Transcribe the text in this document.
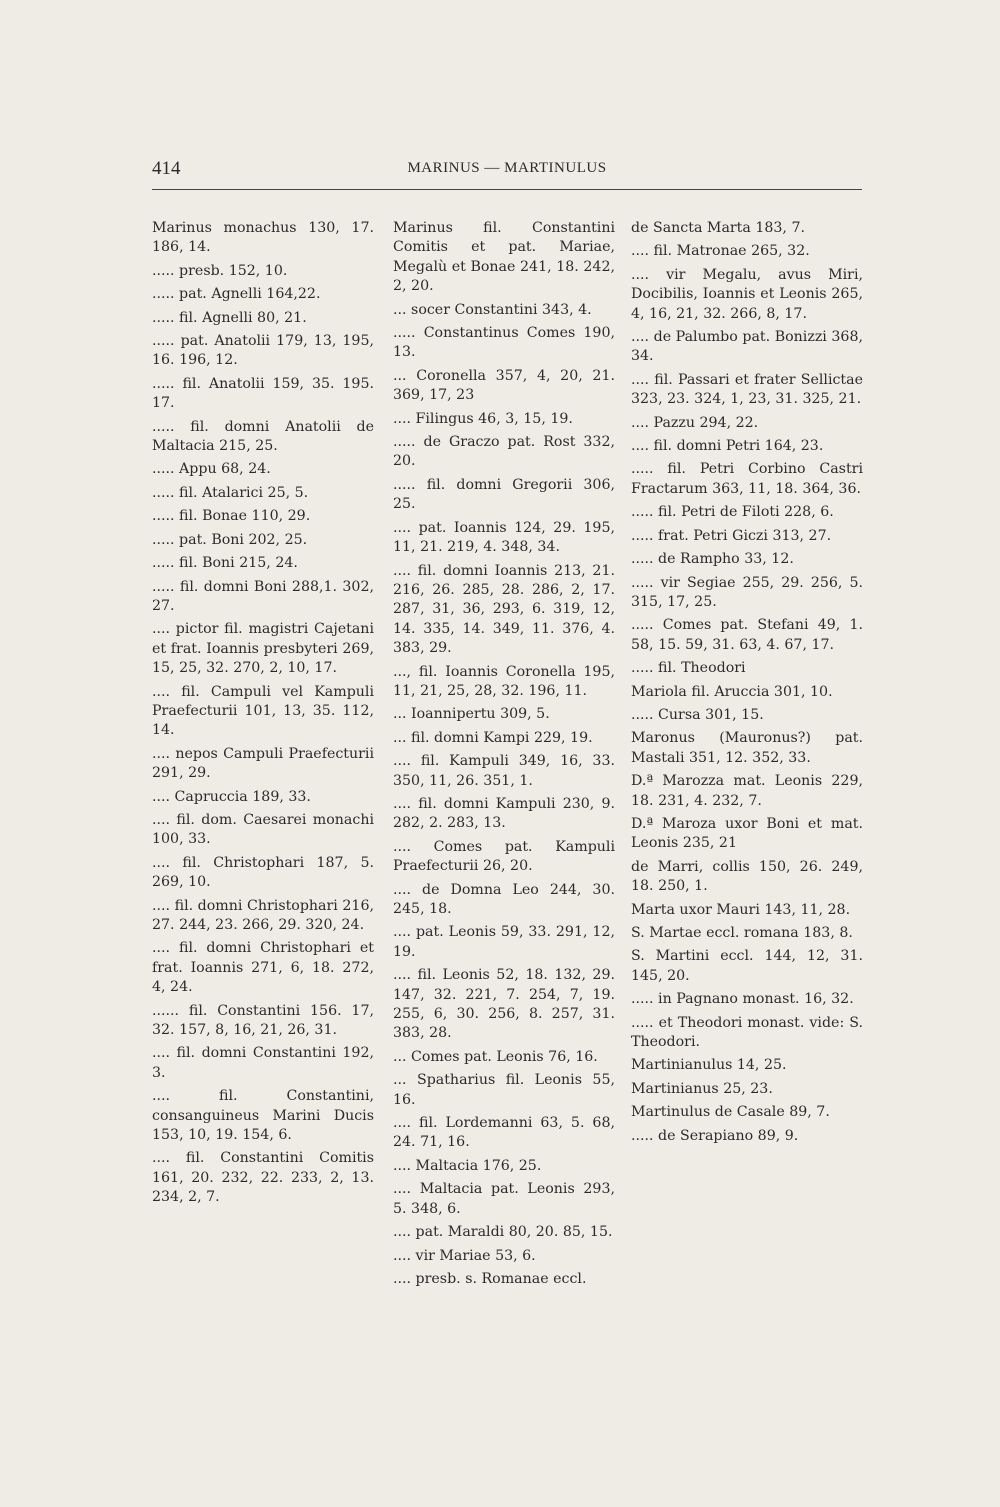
414	MARINUS — MARTINULUS

Marinus monachus 130, 17. 186, 14.

..... presb. 152, 10.

..... pat. Agnelli 164,22.

..... fil. Agnelli 80, 21.

..... pat. Anatolii 179, 13, 195, 16. 196, 12.

..... fil. Anatolii 159, 35. 195. 17.

..... fil. domni Anatolii de Maltacia 215, 25.

..... Appu 68, 24.

..... fil. Atalarici 25, 5.

..... fil. Bonae 110, 29.

..... pat. Boni 202, 25.

..... fil. Boni 215, 24.

..... fil. domni Boni 288,1. 302, 27.

.... pictor fil. magistri Cajetani et frat. Ioannis presbyteri 269, 15, 25, 32. 270, 2, 10, 17.

.... fil. Campuli vel Kampuli Praefecturii 101, 13, 35. 112, 14.

.... nepos Campuli Praefecturii 291, 29.

.... Capruccia 189, 33.

.... fil. dom. Caesarei monachi 100, 33.

.... fil. Christophari 187, 5. 269, 10.

.... fil. domni Christophari 216, 27. 244, 23. 266, 29. 320, 24.

.... fil. domni Christophari et frat. Ioannis 271, 6, 18. 272, 4, 24.

...... fil. Constantini 156. 17, 32. 157, 8, 16, 21, 26, 31.

.... fil. domni Constantini 192, 3.

.... fil. Constantini, consanguineus Marini Ducis 153, 10, 19. 154, 6.

.... fil. Constantini Comitis 161, 20. 232, 22. 233, 2, 13. 234, 2, 7.

Marinus fil. Constantini Comitis et pat. Mariae, Megalù et Bonae 241, 18. 242, 2, 20.

... socer Constantini 343, 4.

..... Constantinus Comes 190, 13.

... Coronella 357, 4, 20, 21. 369, 17, 23

.... Filingus 46, 3, 15, 19.

..... de Graczo pat. Rost 332, 20.

..... fil. domni Gregorii 306, 25.

.... pat. Ioannis 124, 29. 195, 11, 21. 219, 4. 348, 34.

.... fil. domni Ioannis 213, 21. 216, 26. 285, 28. 286, 2, 17. 287, 31, 36, 293, 6. 319, 12, 14. 335, 14. 349, 11. 376, 4. 383, 29.

..., fil. Ioannis Coronella 195, 11, 21, 25, 28, 32. 196, 11.

... Ioannipertu 309, 5.

... fil. domni Kampi 229, 19.

.... fil. Kampuli 349, 16, 33. 350, 11, 26. 351, 1.

.... fil. domni Kampuli 230, 9. 282, 2. 283, 13.

.... Comes pat. Kampuli Praefecturii 26, 20.

.... de Domna Leo 244, 30. 245, 18.

.... pat. Leonis 59, 33. 291, 12, 19.

.... fil. Leonis 52, 18. 132, 29. 147, 32. 221, 7. 254, 7, 19. 255, 6, 30. 256, 8. 257, 31. 383, 28.

... Comes pat. Leonis 76, 16.

... Spatharius fil. Leonis 55, 16.

.... fil. Lordemanni 63, 5. 68, 24. 71, 16.

.... Maltacia 176, 25.

.... Maltacia pat. Leonis 293, 5. 348, 6.

.... pat. Maraldi 80, 20. 85, 15.

.... vir Mariae 53, 6.

.... presb. s. Romanae eccl.

de Sancta Marta 183, 7.

.... fil. Matronae 265, 32.

.... vir Megalu, avus Miri, Docibilis, Ioannis et Leonis 265, 4, 16, 21, 32. 266, 8, 17.

.... de Palumbo pat. Bonizzi 368, 34.

.... fil. Passari et frater Sellictae 323, 23. 324, 1, 23, 31. 325, 21.

.... Pazzu 294, 22.

.... fil. domni Petri 164, 23.

..... fil. Petri Corbino Castri Fractarum 363, 11, 18. 364, 36.

..... fil. Petri de Filoti 228, 6.

..... frat. Petri Giczi 313, 27.

..... de Rampho 33, 12.

..... vir Segiae 255, 29. 256, 5. 315, 17, 25.

..... Comes pat. Stefani 49, 1. 58, 15. 59, 31. 63, 4. 67, 17.

..... fil. Theodori

Mariola fil. Aruccia 301, 10.

..... Cursa 301, 15.

Maronus (Mauronus?) pat. Mastali 351, 12. 352, 33.

D.ª Marozza mat. Leonis 229, 18. 231, 4. 232, 7.

D.ª Maroza uxor Boni et mat. Leonis 235, 21

de Marri, collis 150, 26. 249, 18. 250, 1.

Marta uxor Mauri 143, 11, 28.

S. Martae eccl. romana 183, 8.

S. Martini eccl. 144, 12, 31. 145, 20.

..... in Pagnano monast. 16, 32.

..... et Theodori monast. vide: S. Theodori.

Martinianulus 14, 25.

Martinianus 25, 23.

Martinulus de Casale 89, 7.

..... de Serapiano 89, 9.
